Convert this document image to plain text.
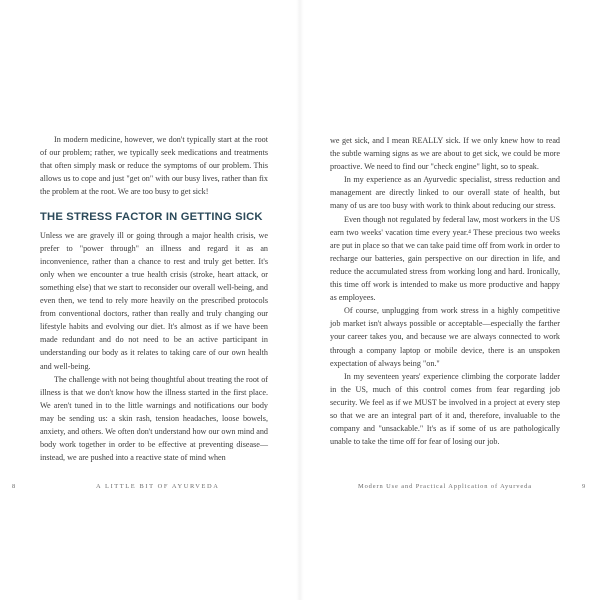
In modern medicine, however, we don't typically start at the root of our problem; rather, we typically seek medications and treatments that often simply mask or reduce the symptoms of our problem. This allows us to cope and just "get on" with our busy lives, rather than fix the problem at the root. We are too busy to get sick!

THE STRESS FACTOR IN GETTING SICK

Unless we are gravely ill or going through a major health crisis, we prefer to "power through" an illness and regard it as an inconvenience, rather than a chance to rest and truly get better. It's only when we encounter a true health crisis (stroke, heart attack, or something else) that we start to reconsider our overall well-being, and even then, we tend to rely more heavily on the prescribed protocols from conventional doctors, rather than really and truly changing our lifestyle habits and evolving our diet. It's almost as if we have been made redundant and do not need to be an active participant in understanding our body as it relates to taking care of our own health and well-being.

The challenge with not being thoughtful about treating the root of illness is that we don't know how the illness started in the first place. We aren't tuned in to the little warnings and notifications our body may be sending us: a skin rash, tension headaches, loose bowels, anxiety, and others. We often don't understand how our own mind and body work together in order to be effective at preventing disease—instead, we are pushed into a reactive state of mind when

8	A LITTLE BIT OF AYURVEDA

we get sick, and I mean REALLY sick. If we only knew how to read the subtle warning signs as we are about to get sick, we could be more proactive. We need to find our "check engine" light, so to speak.

In my experience as an Ayurvedic specialist, stress reduction and management are directly linked to our overall state of health, but many of us are too busy with work to think about reducing our stress.

Even though not regulated by federal law, most workers in the US earn two weeks' vacation time every year.⁴ These precious two weeks are put in place so that we can take paid time off from work in order to recharge our batteries, gain perspective on our direction in life, and reduce the accumulated stress from working long and hard. Ironically, this time off work is intended to make us more productive and happy as employees.

Of course, unplugging from work stress in a highly competitive job market isn't always possible or acceptable—especially the farther your career takes you, and because we are always connected to work through a company laptop or mobile device, there is an unspoken expectation of always being "on."

In my seventeen years' experience climbing the corporate ladder in the US, much of this control comes from fear regarding job security. We feel as if we MUST be involved in a project at every step so that we are an integral part of it and, therefore, invaluable to the company and "unsackable." It's as if some of us are pathologically unable to take the time off for fear of losing our job.

Modern Use and Practical Application of Ayurveda	9
